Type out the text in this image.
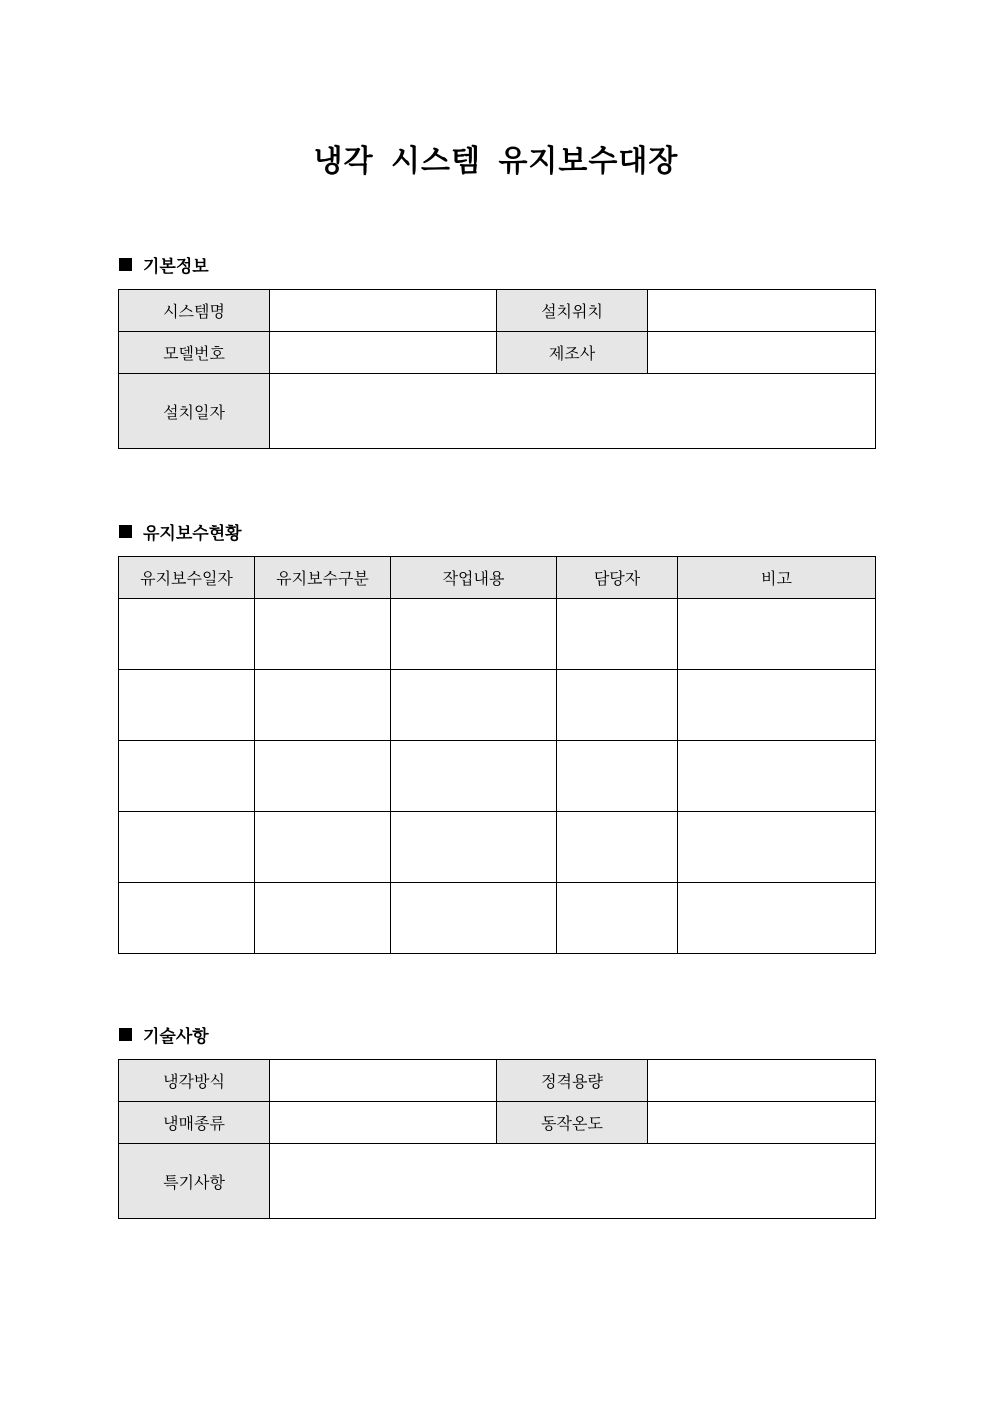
냉각 시스템 유지보수대장
기본정보
시스템명		설치위치	
모델번호		제조사	
설치일자			
유지보수현황
유지보수일자	유지보수구분	작업내용	담당자	비고

기술사항
냉각방식		정격용량	
냉매종류		동작온도	
특기사항			
